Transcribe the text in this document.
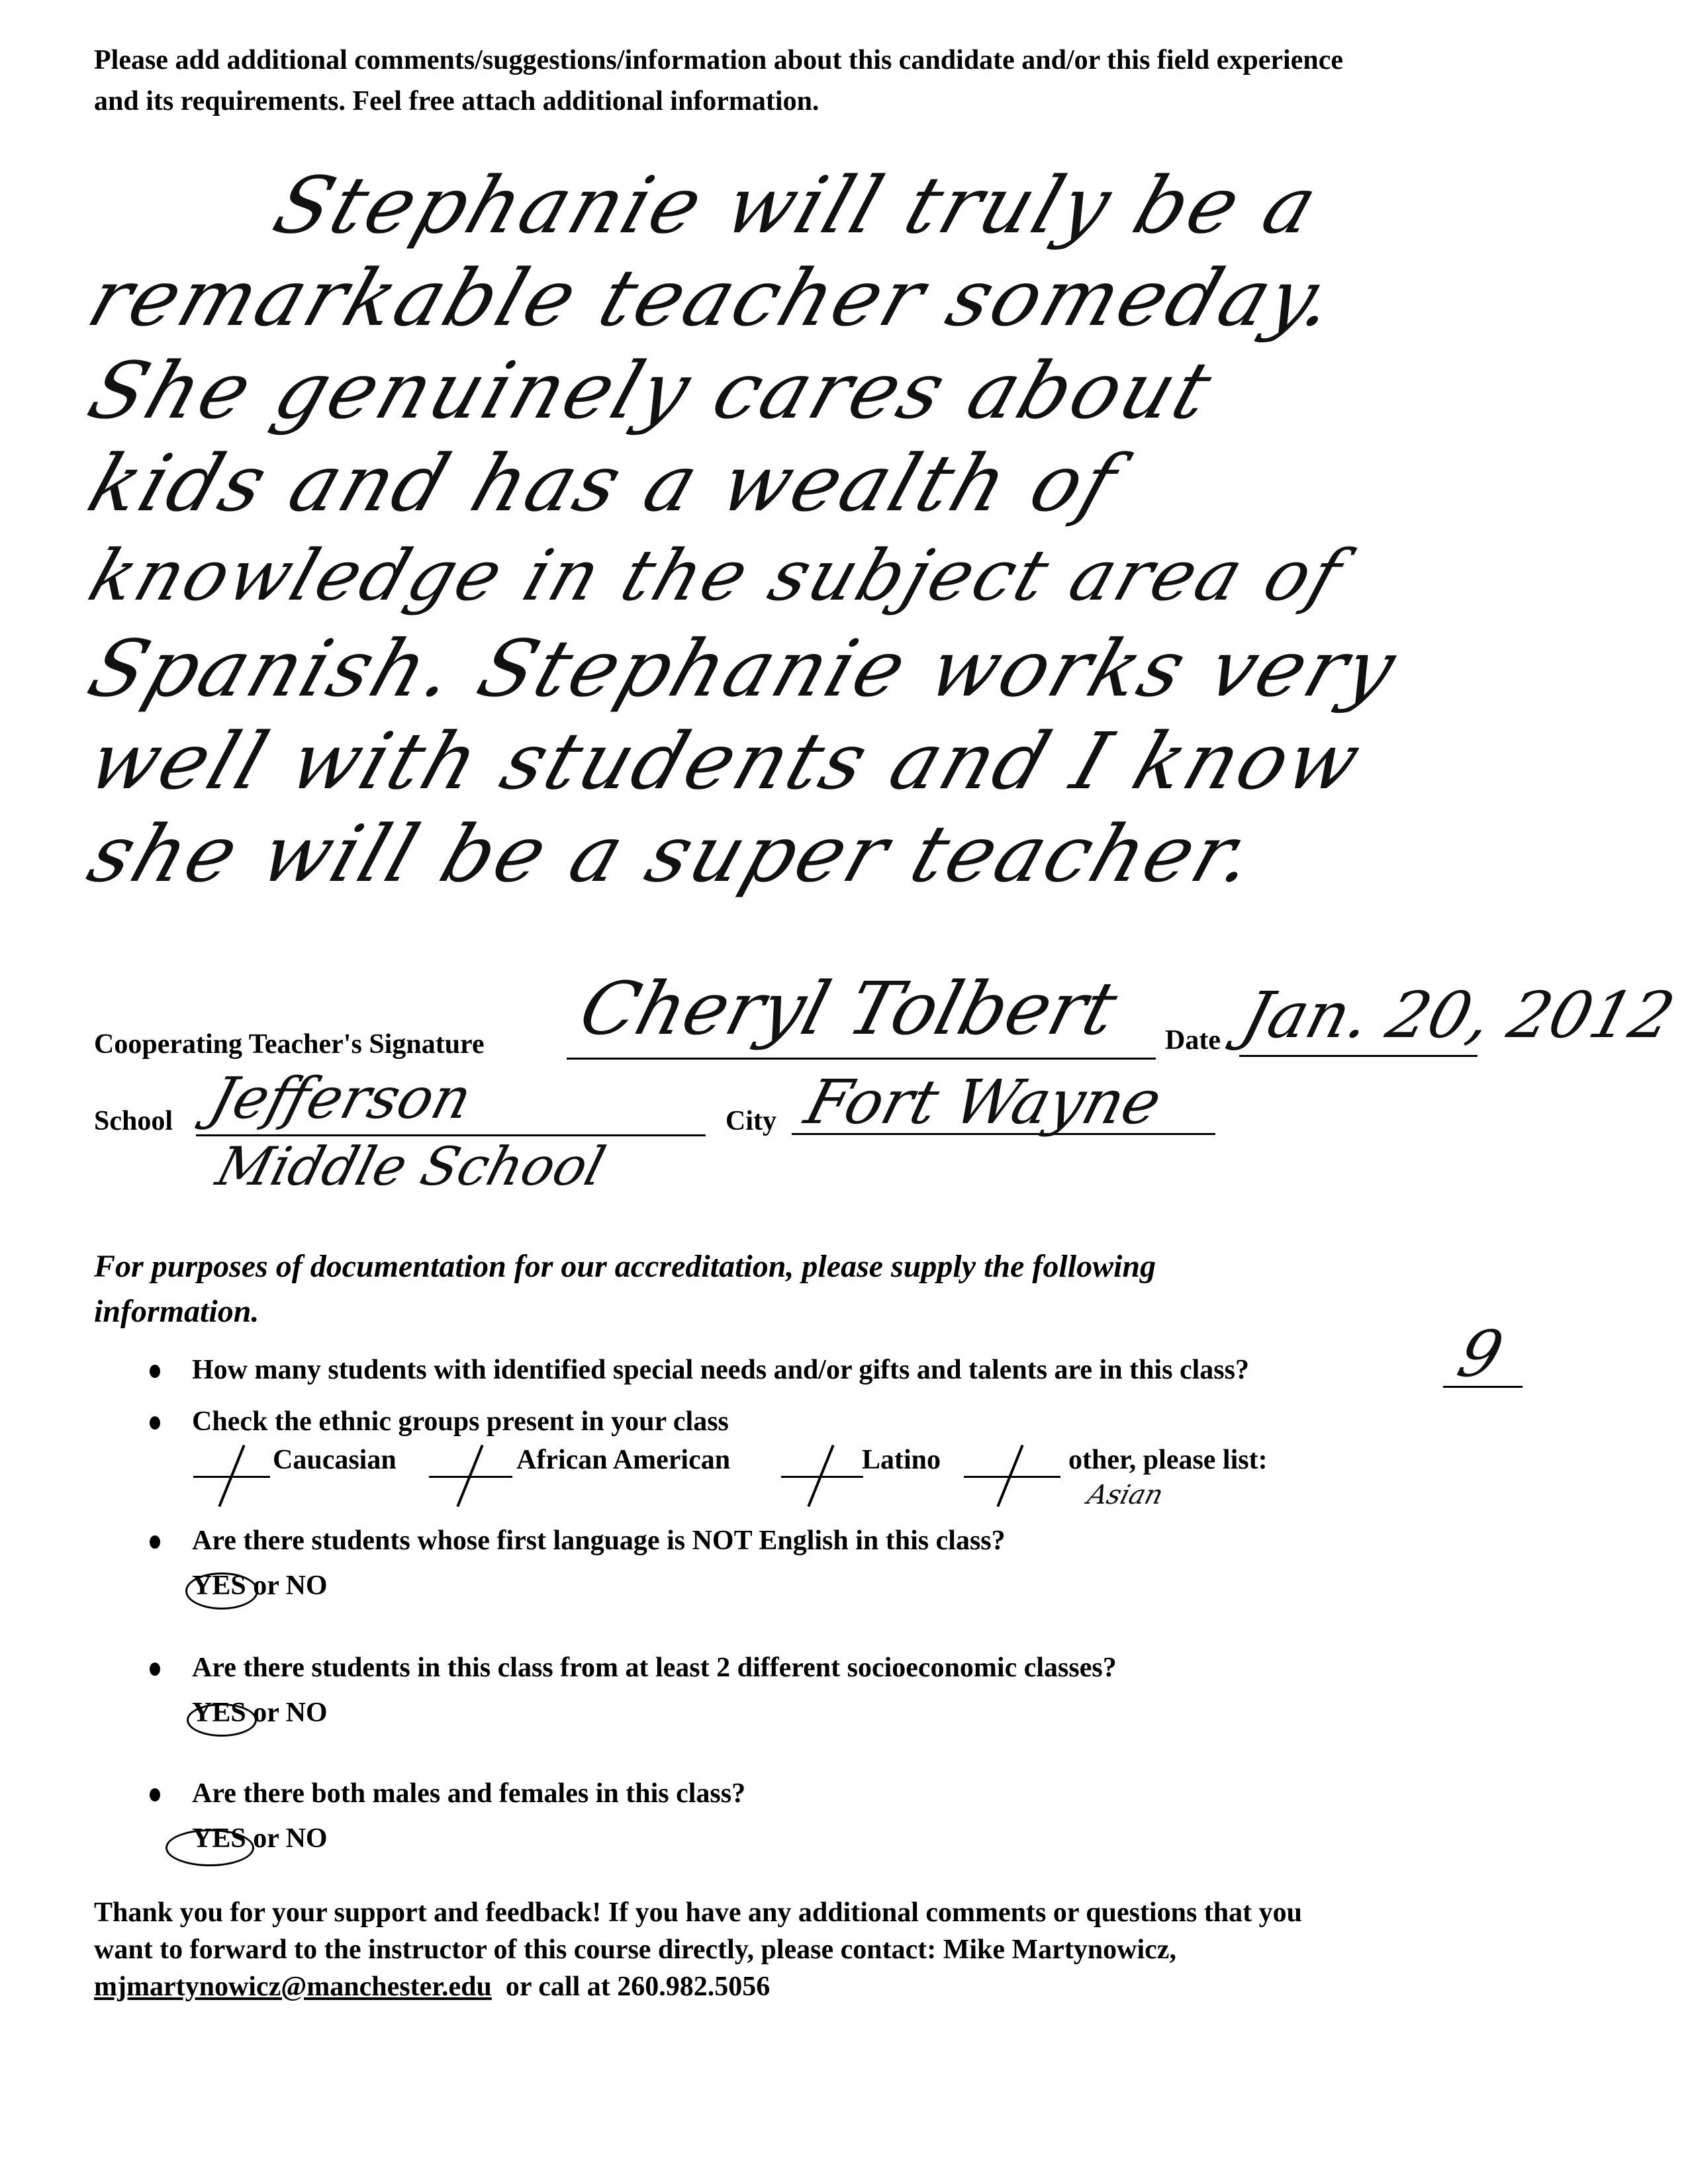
Please add additional comments/suggestions/information about this candidate and/or this field experience
and its requirements. Feel free attach additional information.
Stephanie will truly be a
remarkable teacher someday.
She genuinely cares about
kids and has a wealth of
knowledge in the subject area of
Spanish. Stephanie works very
well with students and I know
she will be a super teacher.
Cooperating Teacher's Signature Cheryl Tolbert Date Jan. 20, 2012
School Jefferson
Middle School
City Fort Wayne
For purposes of documentation for our accreditation, please supply the following
information.
How many students with identified special needs and/or gifts and talents are in this class?	9
Check the ethnic groups present in your class
Caucasian	African American	Latino	other, please list:
Asian
Are there students whose first language is NOT English in this class?
YES or NO
Are there students in this class from at least 2 different socioeconomic classes?
YES or NO
Are there both males and females in this class?
YES or NO
Thank you for your support and feedback! If you have any additional comments or questions that you
want to forward to the instructor of this course directly, please contact: Mike Martynowicz,
mjmartynowicz@manchester.edu  or call at 260.982.5056
